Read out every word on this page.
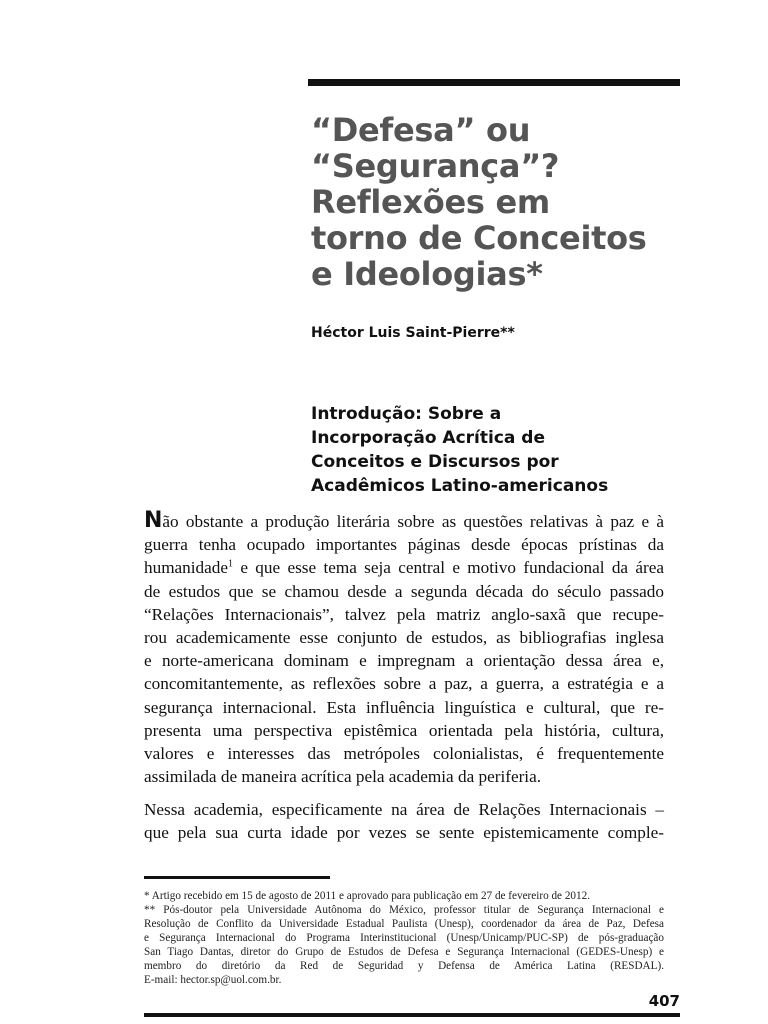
“Defesa” ou
“Segurança”?
Reflexões em
torno de Conceitos
e Ideologias*
Héctor Luis Saint-Pierre**
Introdução: Sobre a
Incorporação Acrítica de
Conceitos e Discursos por
Acadêmicos Latino-americanos

Não obstante a produção literária sobre as questões relativas à paz e à
guerra tenha ocupado importantes páginas desde épocas prístinas da
humanidade$^1$ e que esse tema seja central e motivo fundacional da área
de estudos que se chamou desde a segunda década do século passado
“Relações Internacionais”, talvez pela matriz anglo-saxã que recupe-
rou academicamente esse conjunto de estudos, as bibliografias inglesa
e norte-americana dominam e impregnam a orientação dessa área e,
concomitantemente, as reflexões sobre a paz, a guerra, a estratégia e a
segurança internacional. Esta influência linguística e cultural, que re-
presenta uma perspectiva epistêmica orientada pela história, cultura,
valores e interesses das metrópoles colonialistas, é frequentemente
assimilada de maneira acrítica pela academia da periferia.

Nessa academia, especificamente na área de Relações Internacionais –
que pela sua curta idade por vezes se sente epistemicamente comple-

* Artigo recebido em 15 de agosto de 2011 e aprovado para publicação em 27 de fevereiro de 2012.
** Pós-doutor pela Universidade Autônoma do México, professor titular de Segurança Internacional e
Resolução de Conflito da Universidade Estadual Paulista (Unesp), coordenador da área de Paz, Defesa
e Segurança Internacional do Programa Interinstitucional (Unesp/Unicamp/PUC-SP) de pós-graduação
San Tiago Dantas, diretor do Grupo de Estudos de Defesa e Segurança Internacional (GEDES-Unesp) e
membro do diretório da Red de Seguridad y Defensa de América Latina (RESDAL).
E-mail: hector.sp@uol.com.br.
407
